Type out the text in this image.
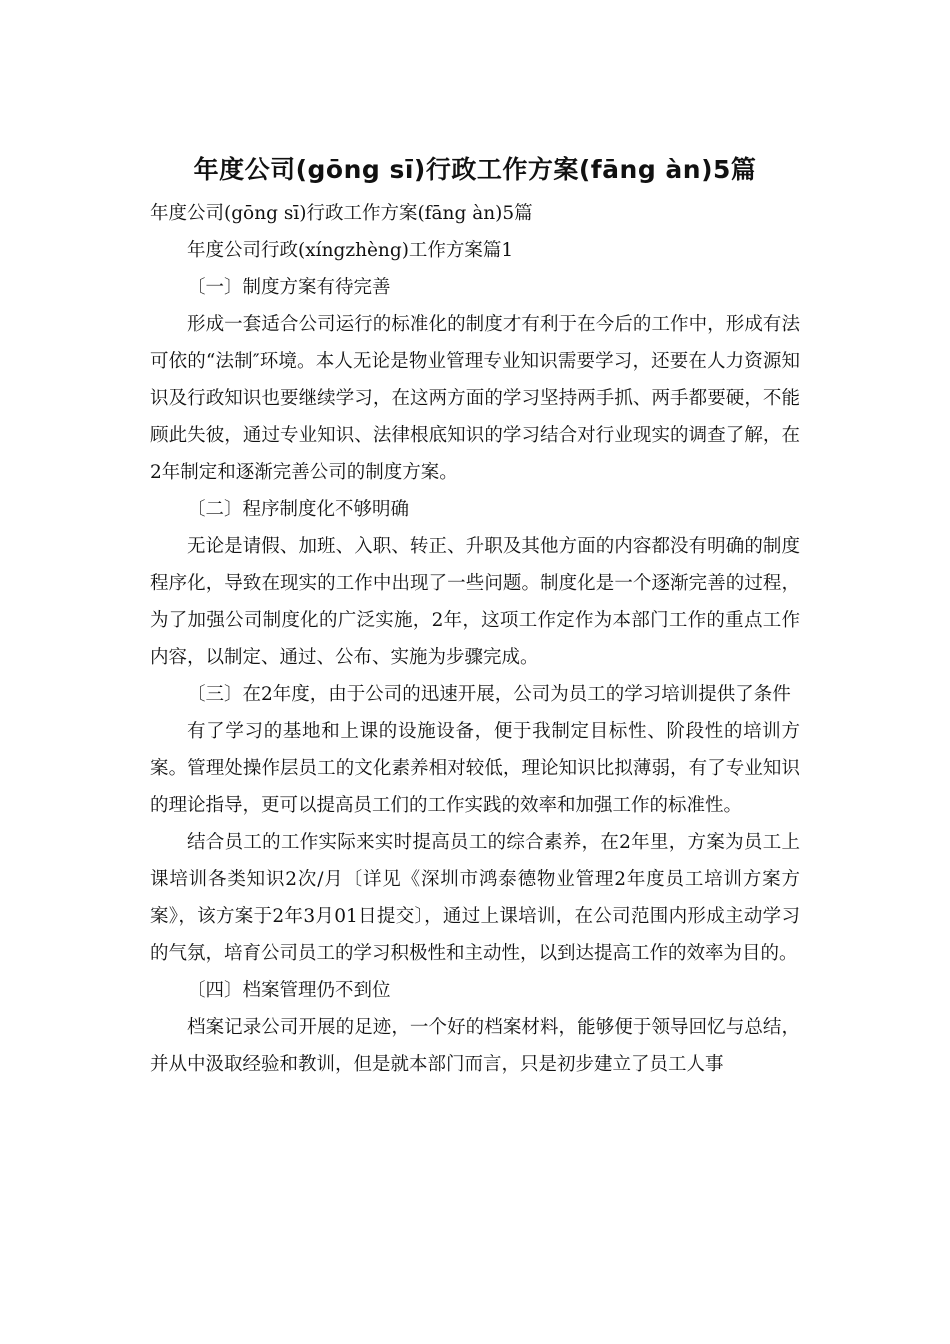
年度公司(gōng sī)行政工作方案(fāng àn)5篇

年度公司(gōng sī)行政工作方案(fāng àn)5篇

年度公司行政(xíngzhèng)工作方案篇1

〔一〕制度方案有待完善

形成一套适合公司运行的标准化的制度才有利于在今后的工作中，形成有法可依的“法制″环境。本人无论是物业管理专业知识需要学习，还要在人力资源知识及行政知识也要继续学习，在这两方面的学习坚持两手抓、两手都要硬，不能顾此失彼，通过专业知识、法律根底知识的学习结合对行业现实的调查了解，在2年制定和逐渐完善公司的制度方案。

〔二〕程序制度化不够明确

无论是请假、加班、入职、转正、升职及其他方面的内容都没有明确的制度程序化，导致在现实的工作中出现了一些问题。制度化是一个逐渐完善的过程，为了加强公司制度化的广泛实施，2年，这项工作定作为本部门工作的重点工作内容，以制定、通过、公布、实施为步骤完成。

〔三〕在2年度，由于公司的迅速开展，公司为员工的学习培训提供了条件

有了学习的基地和上课的设施设备，便于我制定目标性、阶段性的培训方案。管理处操作层员工的文化素养相对较低，理论知识比拟薄弱，有了专业知识的理论指导，更可以提高员工们的工作实践的效率和加强工作的标准性。

结合员工的工作实际来实时提高员工的综合素养，在2年里，方案为员工上课培训各类知识2次/月〔详见《深圳市鸿泰德物业管理2年度员工培训方案方案》，该方案于2年3月01日提交〕，通过上课培训，在公司范围内形成主动学习的气氛，培育公司员工的学习积极性和主动性，以到达提高工作的效率为目的。

〔四〕档案管理仍不到位

档案记录公司开展的足迹，一个好的档案材料，能够便于领导回忆与总结，并从中汲取经验和教训，但是就本部门而言，只是初步建立了员工人事
